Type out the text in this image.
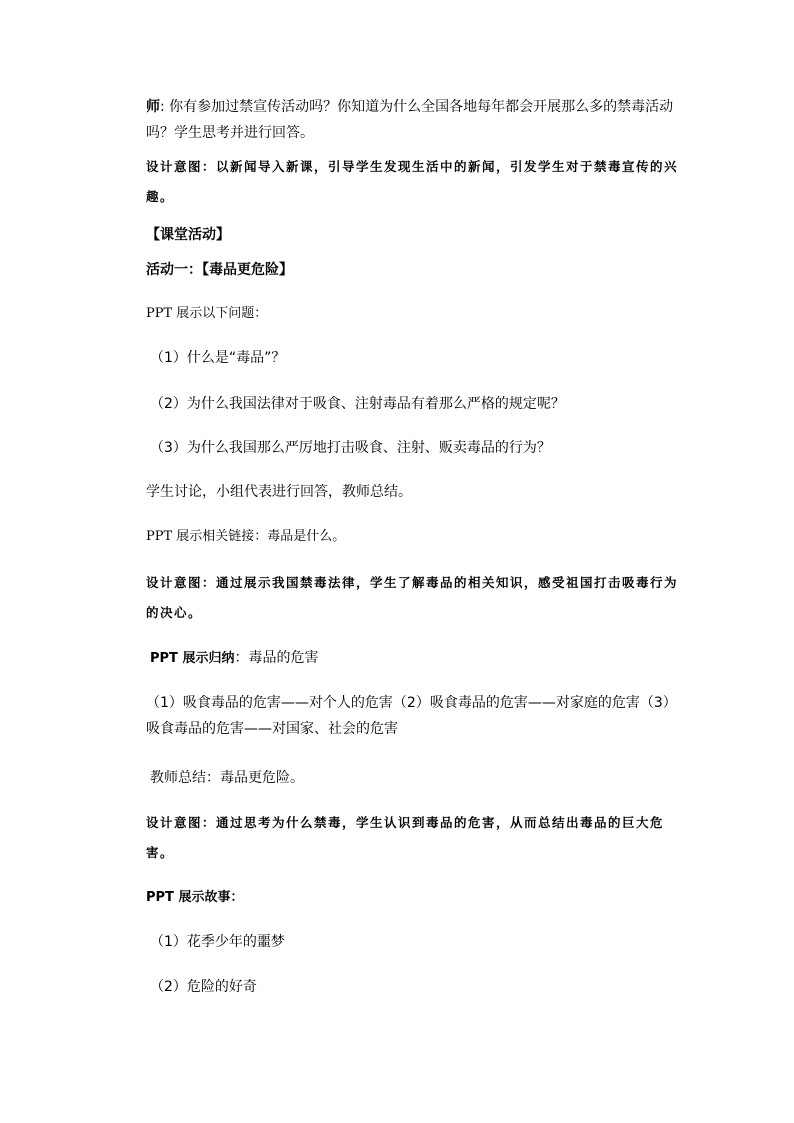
师: 你有参加过禁宣传活动吗？你知道为什么全国各地每年都会开展那么多的禁毒活动吗？学生思考并进行回答。

设计意图：以新闻导入新课，引导学生发现生活中的新闻，引发学生对于禁毒宣传的兴趣。

【课堂活动】

活动一：【毒品更危险】

PPT 展示以下问题：

（1）什么是“毒品”？

（2）为什么我国法律对于吸食、注射毒品有着那么严格的规定呢？

（3）为什么我国那么严厉地打击吸食、注射、贩卖毒品的行为？

学生讨论，小组代表进行回答，教师总结。

PPT 展示相关链接：毒品是什么。

设计意图：通过展示我国禁毒法律，学生了解毒品的相关知识，感受祖国打击吸毒行为的决心。

PPT 展示归纳：毒品的危害

（1）吸食毒品的危害——对个人的危害（2）吸食毒品的危害——对家庭的危害（3）吸食毒品的危害——对国家、社会的危害

教师总结：毒品更危险。

设计意图：通过思考为什么禁毒，学生认识到毒品的危害，从而总结出毒品的巨大危害。

PPT 展示故事：

（1）花季少年的噩梦

（2）危险的好奇
